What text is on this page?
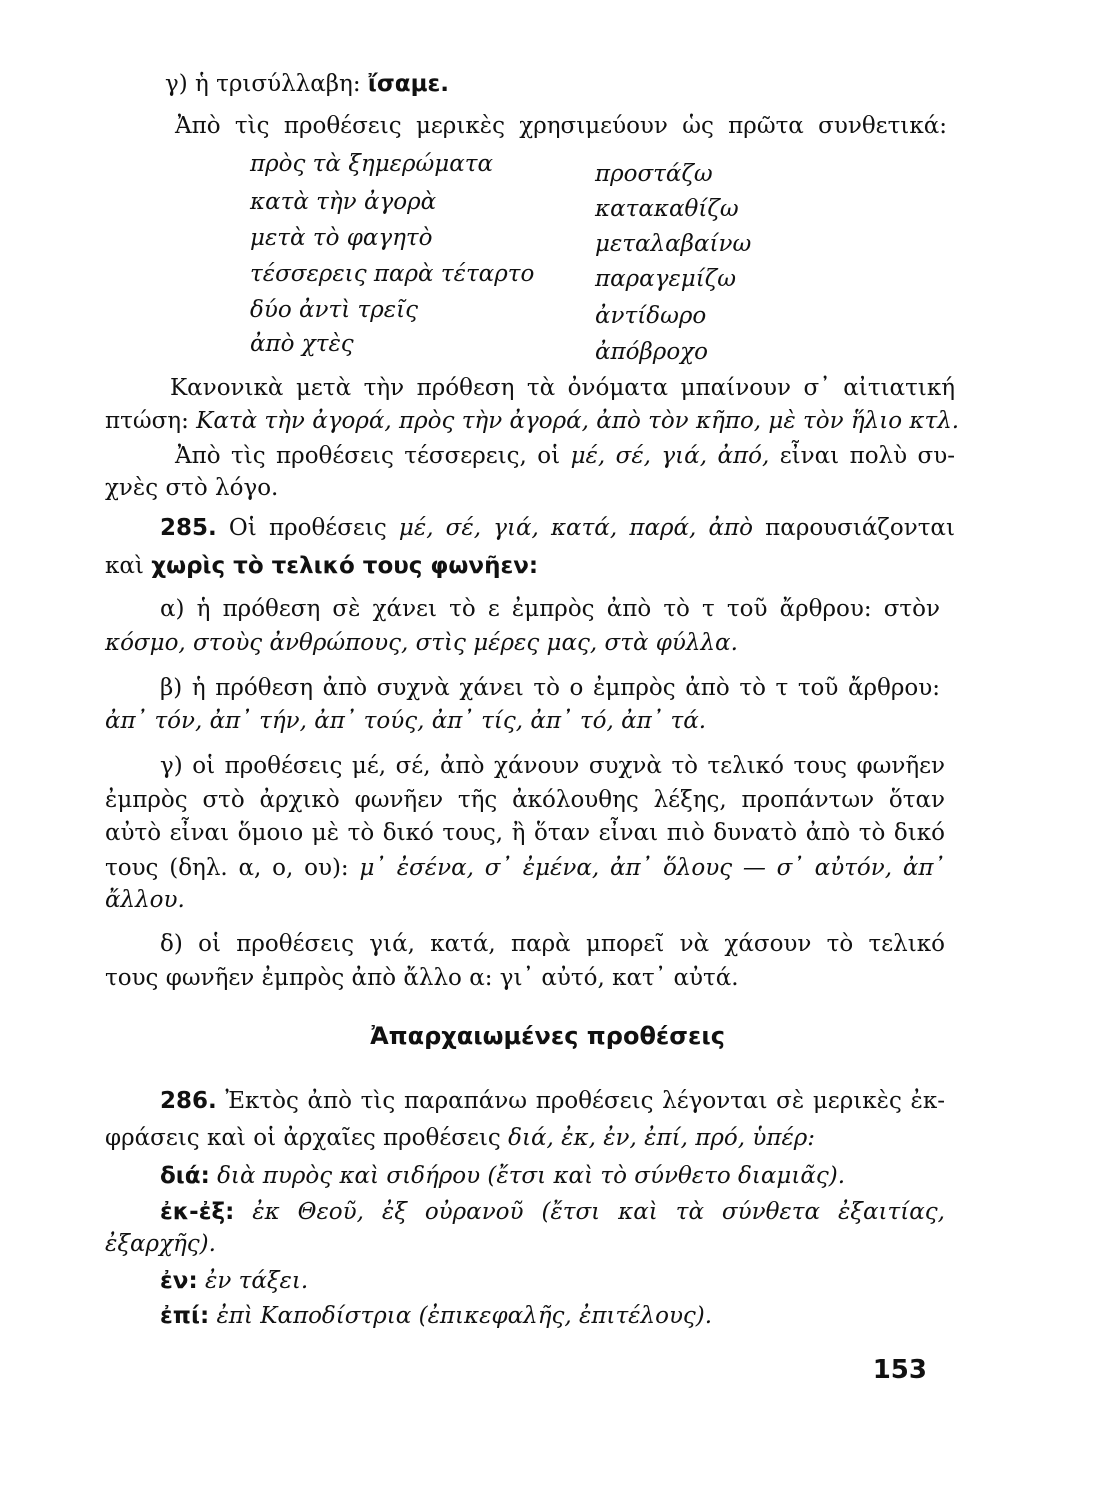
γ) ἡ τρισύλλαβη: ἴσαμε.
Ἀπὸ τὶς προθέσεις μερικὲς χρησιμεύουν ὡς πρῶτα συνθετικά:
πρὸς τὰ ξημερώματα	προστάζω
κατὰ τὴν ἀγορὰ	κατακαθίζω
μετὰ τὸ φαγητὸ	μεταλαβαίνω
τέσσερεις παρὰ τέταρτο	παραγεμίζω
δύο ἀντὶ τρεῖς	ἀντίδωρο
ἀπὸ χτὲς	ἀπόβροχο
Κανονικὰ μετὰ τὴν πρόθεση τὰ ὀνόματα μπαίνουν σ᾿ αἰτιατική
πτώση: Κατὰ τὴν ἀγορά, πρὸς τὴν ἀγορά, ἀπὸ τὸν κῆπο, μὲ τὸν ἥλιο κτλ.
Ἀπὸ τὶς προθέσεις τέσσερεις, οἱ μέ, σέ, γιά, ἀπό, εἶναι πολὺ συ-
χνὲς στὸ λόγο.
285. Οἱ προθέσεις μέ, σέ, γιά, κατά, παρά, ἀπὸ παρουσιάζονται
καὶ χωρὶς τὸ τελικό τους φωνῆεν:
α) ἡ πρόθεση σὲ χάνει τὸ ε ἐμπρὸς ἀπὸ τὸ τ τοῦ ἄρθρου: στὸν
κόσμο, στοὺς ἀνθρώπους, στὶς μέρες μας, στὰ φύλλα.
β) ἡ πρόθεση ἀπὸ συχνὰ χάνει τὸ ο ἐμπρὸς ἀπὸ τὸ τ τοῦ ἄρθρου:
ἀπ᾿ τόν, ἀπ᾿ τήν, ἀπ᾿ τούς, ἀπ᾿ τίς, ἀπ᾿ τό, ἀπ᾿ τά.
γ) οἱ προθέσεις μέ, σέ, ἀπὸ χάνουν συχνὰ τὸ τελικό τους φωνῆεν
ἐμπρὸς στὸ ἀρχικὸ φωνῆεν τῆς ἀκόλουθης λέξης, προπάντων ὅταν
αὐτὸ εἶναι ὅμοιο μὲ τὸ δικό τους, ἢ ὅταν εἶναι πιὸ δυνατὸ ἀπὸ τὸ δικό
τους (δηλ. α, ο, ου): μ᾿ ἐσένα, σ᾿ ἐμένα, ἀπ᾿ ὅλους — σ᾿ αὐτόν, ἀπ᾿
ἄλλου.
δ) οἱ προθέσεις γιά, κατά, παρὰ μπορεῖ νὰ χάσουν τὸ τελικό
τους φωνῆεν ἐμπρὸς ἀπὸ ἄλλο α: γι᾿ αὐτό, κατ᾿ αὐτά.
Ἀπαρχαιωμένες προθέσεις
286. Ἐκτὸς ἀπὸ τὶς παραπάνω προθέσεις λέγονται σὲ μερικὲς ἐκ-
φράσεις καὶ οἱ ἀρχαῖες προθέσεις διά, ἐκ, ἐν, ἐπί, πρό, ὑπέρ:
διά: διὰ πυρὸς καὶ σιδήρου (ἔτσι καὶ τὸ σύνθετο διαμιᾶς).
ἐκ-ἐξ: ἐκ Θεοῦ, ἐξ οὐρανοῦ (ἔτσι καὶ τὰ σύνθετα ἐξαιτίας,
ἐξαρχῆς).
ἐν: ἐν τάξει.
ἐπί: ἐπὶ Καποδίστρια (ἐπικεφαλῆς, ἐπιτέλους).
153
